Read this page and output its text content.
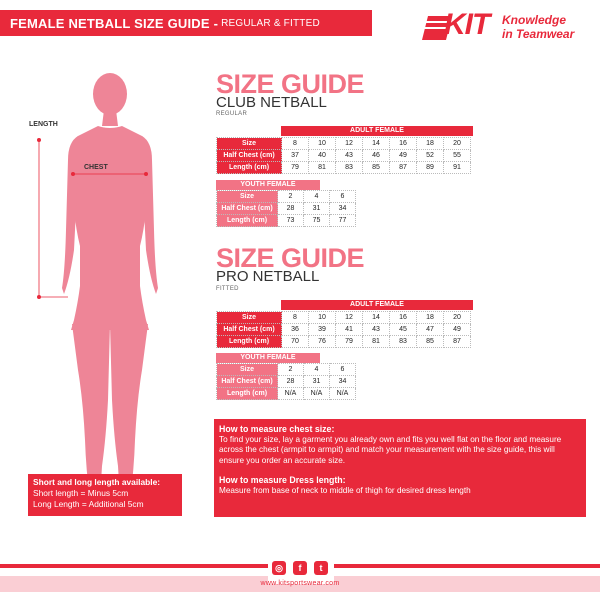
FEMALE NETBALL SIZE GUIDE - REGULAR & FITTED	KIT Knowledge
in Teamwear
LENGTH
CHEST
SIZE GUIDE
CLUB NETBALL
REGULAR
ADULT FEMALE
Size	8	10	12	14	16	18	20
Half Chest (cm)	37	40	43	46	49	52	55
Length (cm)	79	81	83	85	87	89	91
YOUTH FEMALE
Size	2	4	6
Half Chest (cm)	28	31	34
Length (cm)	73	75	77
SIZE GUIDE
PRO NETBALL
FITTED
ADULT FEMALE
Size	8	10	12	14	16	18	20
Half Chest (cm)	36	39	41	43	45	47	49
Length (cm)	70	76	79	81	83	85	87
YOUTH FEMALE
Size	2	4	6
Half Chest (cm)	28	31	34
Length (cm)	N/A	N/A	N/A
How to measure chest size:
To find your size, lay a garment you already own and fits you well flat on the floor and measure across the chest (armpit to armpit) and match your measurement with the size guide, this will ensure you order an accurate size.
How to measure Dress length:
Measure from base of neck to middle of thigh for desired dress length
Short and long length available:
Short length = Minus 5cm
Long Length = Additional 5cm
◎	f	t
www.kitsportswear.com
